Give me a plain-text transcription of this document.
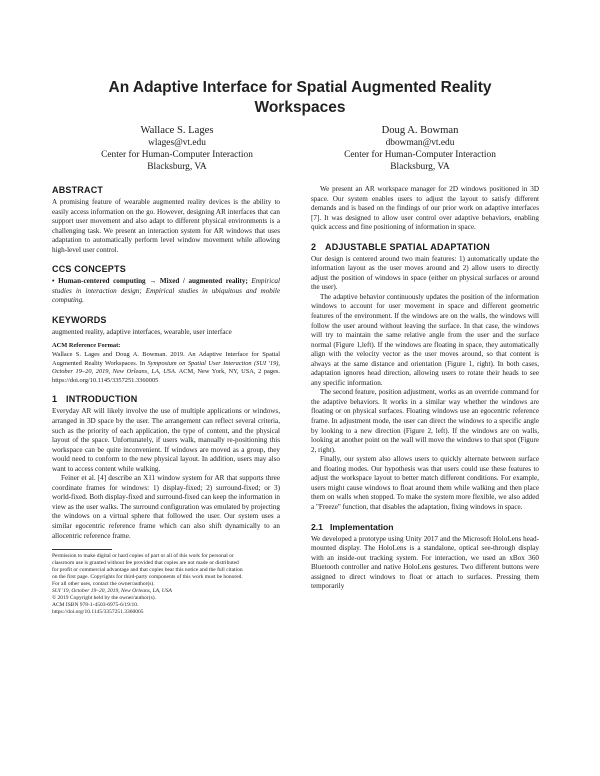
An Adaptive Interface for Spatial Augmented Reality
Workspaces
Wallace S. Lages
wlages@vt.edu
Center for Human-Computer Interaction
Blacksburg, VA
Doug A. Bowman
dbowman@vt.edu
Center for Human-Computer Interaction
Blacksburg, VA
ABSTRACT

A promising feature of wearable augmented reality devices is the ability to easily access information on the go. However, designing AR interfaces that can support user movement and also adapt to different physical environments is a challenging task. We present an interaction system for AR windows that uses adaptation to automatically perform level window movement while allowing high-level user control.

CCS CONCEPTS

• Human-centered computing → Mixed / augmented reality; Empirical studies in interaction design; Empirical studies in ubiquitous and mobile computing.

KEYWORDS

augmented reality, adaptive interfaces, wearable, user interface

ACM Reference Format:
Wallace S. Lages and Doug A. Bowman. 2019. An Adaptive Interface for Spatial Augmented Reality Workspaces. In Symposium on Spatial User Interaction (SUI '19), October 19–20, 2019, New Orleans, LA, USA. ACM, New York, NY, USA, 2 pages. https://doi.org/10.1145/3357251.3360005
1 INTRODUCTION

Everyday AR will likely involve the use of multiple applications or windows, arranged in 3D space by the user. The arrangement can reflect several criteria, such as the priority of each application, the type of content, and the physical layout of the space. Unfortunately, if users walk, manually re-positioning this workspace can be quite inconvenient. If windows are moved as a group, they would need to conform to the new physical layout. In addition, users may also want to access content while walking.

Feiner et al. [4] describe an X11 window system for AR that supports three coordinate frames for windows: 1) display-fixed; 2) surround-fixed; or 3) world-fixed. Both display-fixed and surround-fixed can keep the information in view as the user walks. The surround configuration was emulated by projecting the windows on a virtual sphere that followed the user. Our system uses a similar egocentric reference frame which can also shift dynamically to an allocentric reference frame.

Permission to make digital or hard copies of part or all of this work for personal or

classroom use is granted without fee provided that copies are not made or distributed

for profit or commercial advantage and that copies bear this notice and the full citation

on the first page. Copyrights for third-party components of this work must be honored.

For all other uses, contact the owner/author(s).

SUI '19, October 19–20, 2019, New Orleans, LA, USA

© 2019 Copyright held by the owner/author(s).

ACM ISBN 978-1-4503-6975-6/19/10.

https://doi.org/10.1145/3357251.3360005

We present an AR workspace manager for 2D windows positioned in 3D space. Our system enables users to adjust the layout to satisfy different demands and is based on the findings of our prior work on adaptive interfaces [7]. It was designed to allow user control over adaptive behaviors, enabling quick access and fine positioning of information in space.

2 ADJUSTABLE SPATIAL ADAPTATION

Our design is centered around two main features: 1) automatically update the information layout as the user moves around and 2) allow users to directly adjust the position of windows in space (either on physical surfaces or around the user).

The adaptive behavior continuously updates the position of the information windows to account for user movement in space and different geometric features of the environment. If the windows are on the walls, the windows will follow the user around without leaving the surface. In that case, the windows will try to maintain the same relative angle from the user and the surface normal (Figure 1,left). If the windows are floating in space, they automatically align with the velocity vector as the user moves around, so that content is always at the same distance and orientation (Figure 1, right). In both cases, adaptation ignores head direction, allowing users to rotate their heads to see any specific information.

The second feature, position adjustment, works as an override command for the adaptive behaviors. It works in a similar way whether the windows are floating or on physical surfaces. Floating windows use an egocentric reference frame. In adjustment mode, the user can direct the windows to a specific angle by looking to a new direction (Figure 2, left). If the windows are on walls, looking at another point on the wall will move the windows to that spot (Figure 2, right).

Finally, our system also allows users to quickly alternate between surface and floating modes. Our hypothesis was that users could use these features to adjust the workspace layout to better match different conditions. For example, users might cause windows to float around them while walking and then place them on walls when stopped. To make the system more flexible, we also added a "Freeze" function, that disables the adaptation, fixing windows in space.

2.1 Implementation

We developed a prototype using Unity 2017 and the Microsoft HoloLens head-mounted display. The HoloLens is a standalone, optical see-through display with an inside-out tracking system. For interaction, we used an xBox 360 Bluetooth controller and native HoloLens gestures. Two different buttons were assigned to direct windows to float or attach to surfaces. Pressing them temporarily
